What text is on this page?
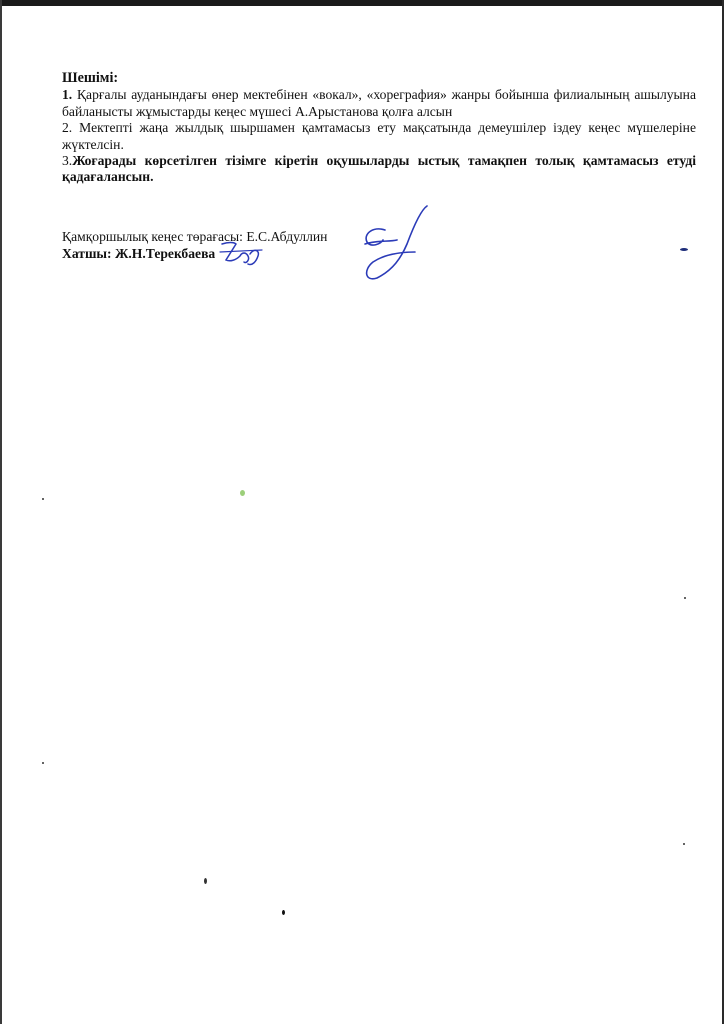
Шешімі:

1. Қарғалы ауданындағы өнер мектебінен «вокал», «хореграфия» жанры бойынша филиалының ашылуына байланысты жұмыстарды кеңес мүшесі А.Арыстанова қолға алсын

2. Мектепті жаңа жылдық шыршамен қамтамасыз ету мақсатында демеушілер іздеу кеңес мүшелеріне жүктелсін.

3.Жоғарады көрсетілген тізімге кіретін оқушыларды ыстық тамақпен толық қамтамасыз етуді қадағалансын.

Қамқоршылық кеңес төрағасы: Е.С.Абдуллин

Хатшы: Ж.Н.Терекбаева
